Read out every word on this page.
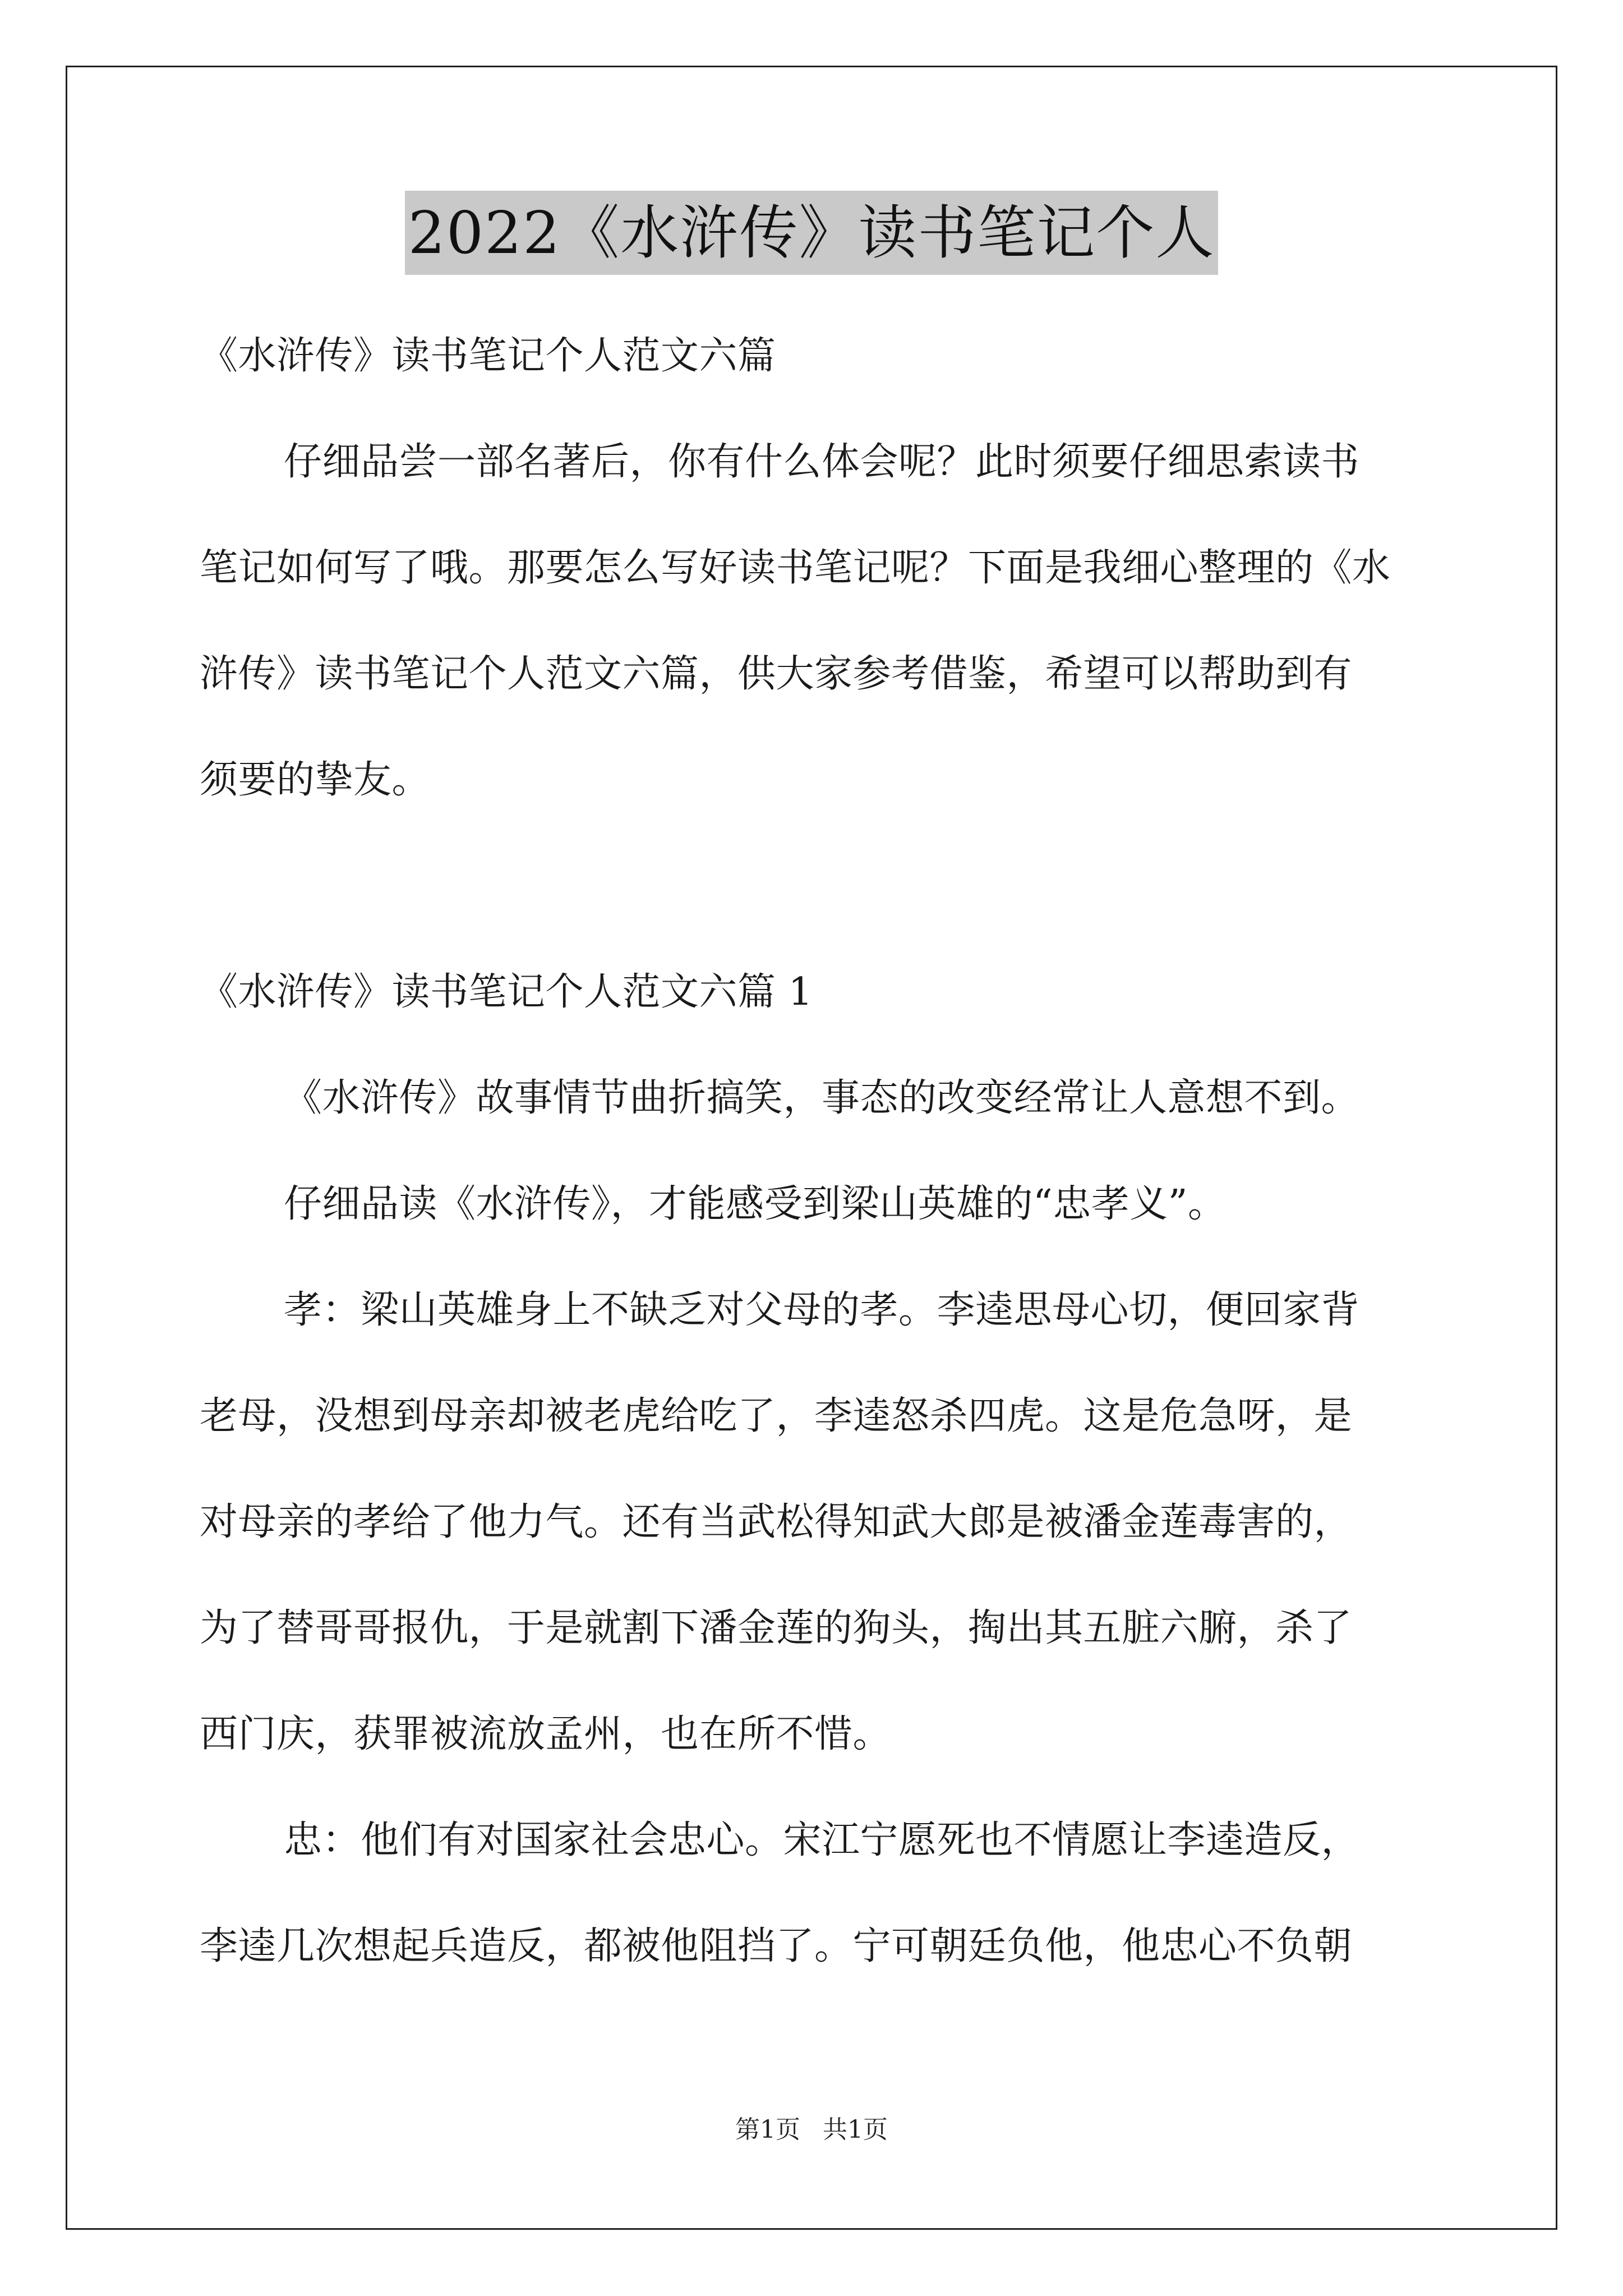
2022《水浒传》读书笔记个人
《水浒传》读书笔记个人范文六篇
仔细品尝一部名著后，你有什么体会呢？此时须要仔细思索读书
笔记如何写了哦。那要怎么写好读书笔记呢？下面是我细心整理的《水
浒传》读书笔记个人范文六篇，供大家参考借鉴，希望可以帮助到有
须要的挚友。
《水浒传》读书笔记个人范文六篇 1
《水浒传》故事情节曲折搞笑，事态的改变经常让人意想不到。
仔细品读《水浒传》，才能感受到梁山英雄的“忠孝义”。
孝：梁山英雄身上不缺乏对父母的孝。李逵思母心切，便回家背
老母，没想到母亲却被老虎给吃了，李逵怒杀四虎。这是危急呀，是
对母亲的孝给了他力气。还有当武松得知武大郎是被潘金莲毒害的，
为了替哥哥报仇，于是就割下潘金莲的狗头，掏出其五脏六腑，杀了
西门庆，获罪被流放孟州，也在所不惜。
忠：他们有对国家社会忠心。宋江宁愿死也不情愿让李逵造反，
李逵几次想起兵造反，都被他阻挡了。宁可朝廷负他，他忠心不负朝
第1页 共1页
